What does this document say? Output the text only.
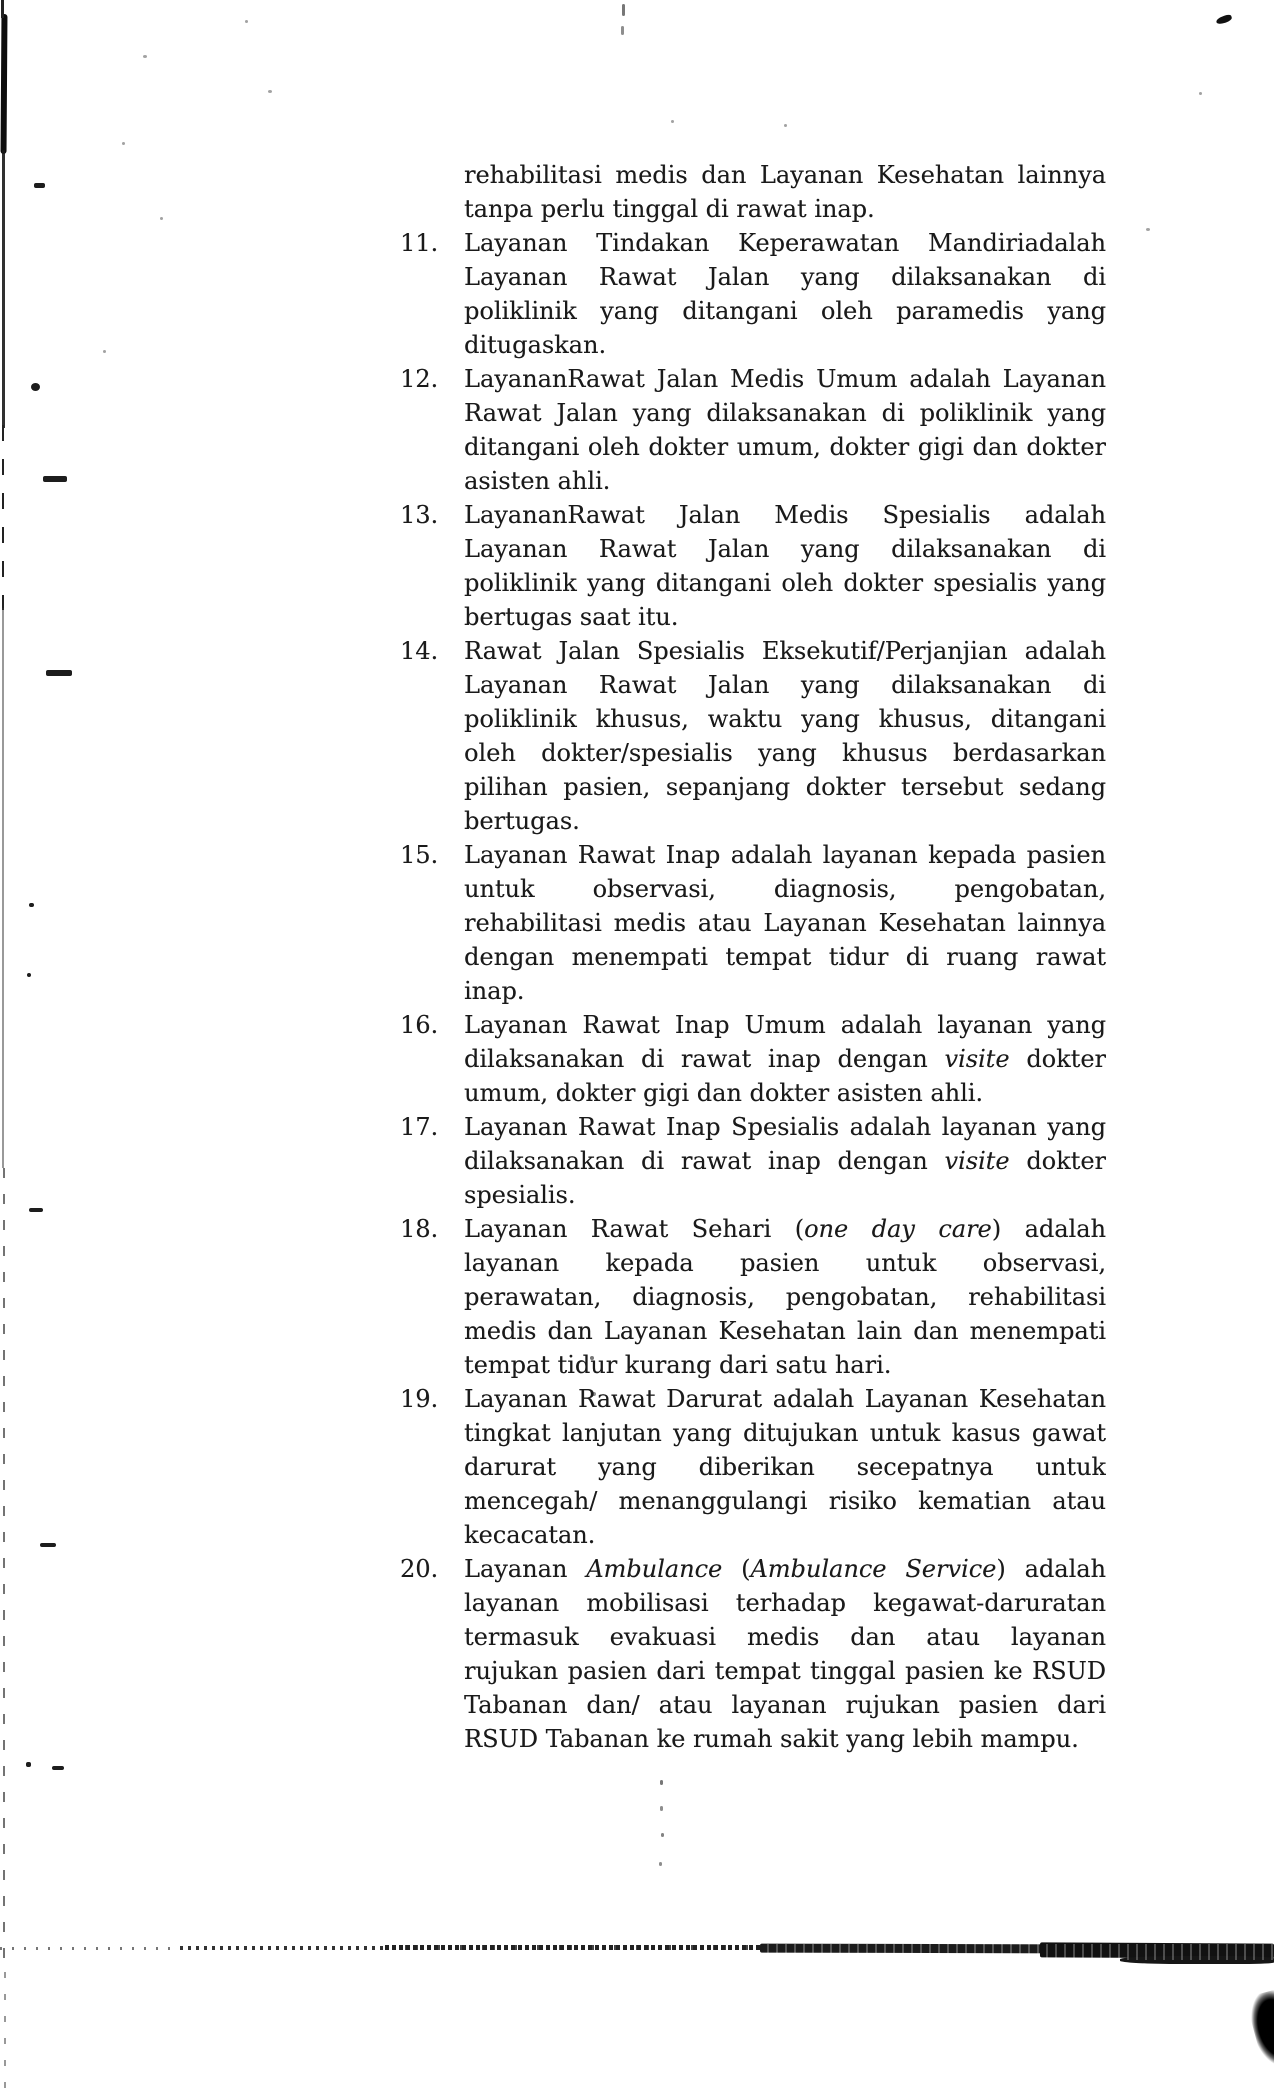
rehabilitasi medis dan Layanan Kesehatan lainnya
tanpa perlu tinggal di rawat inap.
11.	Layanan Tindakan Keperawatan Mandiriadalah
Layanan Rawat Jalan yang dilaksanakan di
poliklinik yang ditangani oleh paramedis yang
ditugaskan.
12.	LayananRawat Jalan Medis Umum adalah Layanan
Rawat Jalan yang dilaksanakan di poliklinik yang
ditangani oleh dokter umum, dokter gigi dan dokter
asisten ahli.
13.	LayananRawat Jalan Medis Spesialis adalah
Layanan Rawat Jalan yang dilaksanakan di
poliklinik yang ditangani oleh dokter spesialis yang
bertugas saat itu.
14.	Rawat Jalan Spesialis Eksekutif/Perjanjian adalah
Layanan Rawat Jalan yang dilaksanakan di
poliklinik khusus, waktu yang khusus, ditangani
oleh dokter/spesialis yang khusus berdasarkan
pilihan pasien, sepanjang dokter tersebut sedang
bertugas.
15.	Layanan Rawat Inap adalah layanan kepada pasien
untuk observasi, diagnosis, pengobatan,
rehabilitasi medis atau Layanan Kesehatan lainnya
dengan menempati tempat tidur di ruang rawat
inap.
16.	Layanan Rawat Inap Umum adalah layanan yang
dilaksanakan di rawat inap dengan visite dokter
umum, dokter gigi dan dokter asisten ahli.
17.	Layanan Rawat Inap Spesialis adalah layanan yang
dilaksanakan di rawat inap dengan visite dokter
spesialis.
18.	Layanan Rawat Sehari (one day care) adalah
layanan kepada pasien untuk observasi,
perawatan, diagnosis, pengobatan, rehabilitasi
medis dan Layanan Kesehatan lain dan menempati
tempat tidur kurang dari satu hari.
19.	Layanan Rawat Darurat adalah Layanan Kesehatan
tingkat lanjutan yang ditujukan untuk kasus gawat
darurat yang diberikan secepatnya untuk
mencegah/ menanggulangi risiko kematian atau
kecacatan.
20.	Layanan Ambulance (Ambulance Service) adalah
layanan mobilisasi terhadap kegawat-daruratan
termasuk evakuasi medis dan atau layanan
rujukan pasien dari tempat tinggal pasien ke RSUD
Tabanan dan/ atau layanan rujukan pasien dari
RSUD Tabanan ke rumah sakit yang lebih mampu.
